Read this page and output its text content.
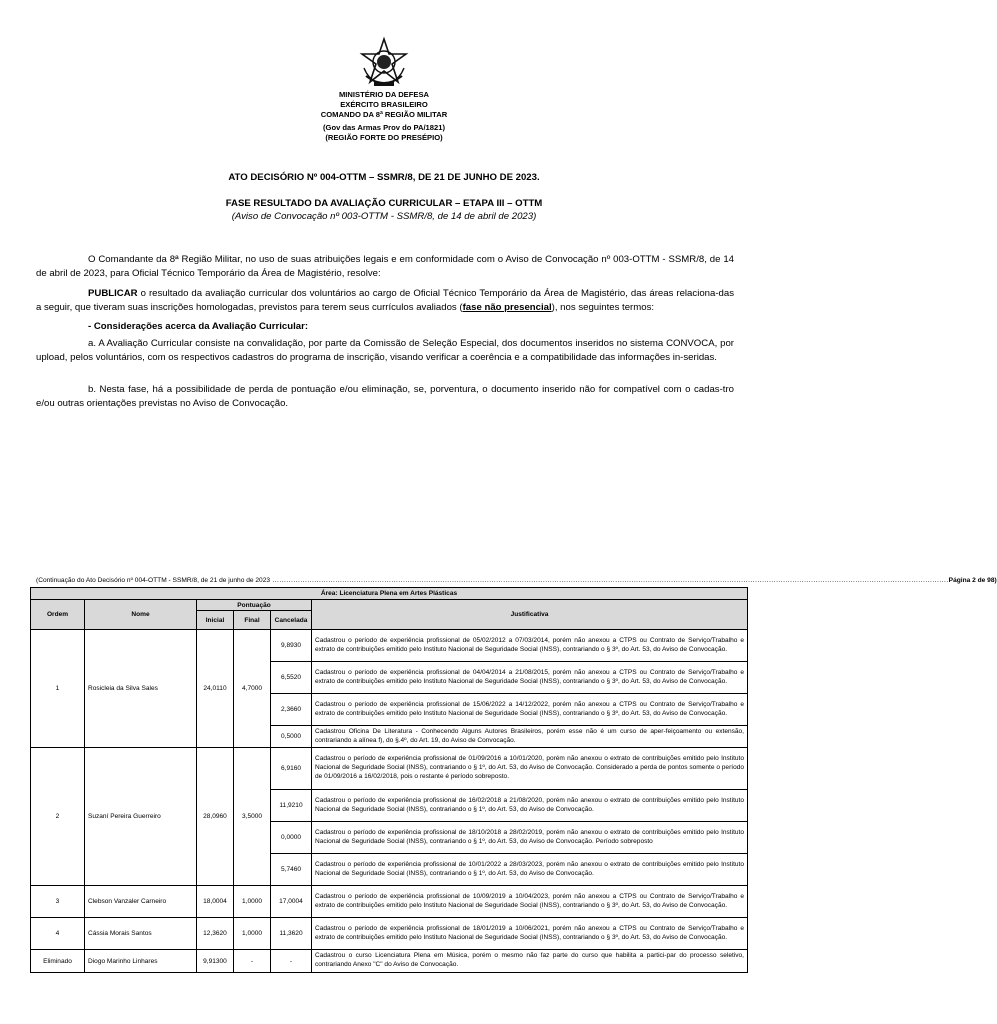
MINISTÉRIO DA DEFESA
EXÉRCITO BRASILEIRO
COMANDO DA 8ª REGIÃO MILITAR
(Gov das Armas Prov do PA/1821)
(REGIÃO FORTE DO PRESÉPIO)
ATO DECISÓRIO Nº 004-OTTM – SSMR/8, DE 21 DE JUNHO DE 2023.
FASE RESULTADO DA AVALIAÇÃO CURRICULAR – ETAPA III – OTTM
(Aviso de Convocação nº 003-OTTM - SSMR/8, de 14 de abril de 2023)
O Comandante da 8ª Região Militar, no uso de suas atribuições legais e em conformidade com o Aviso de Convocação nº 003-OTTM - SSMR/8, de 14 de abril de 2023, para Oficial Técnico Temporário da Área de Magistério, resolve:
PUBLICAR o resultado da avaliação curricular dos voluntários ao cargo de Oficial Técnico Temporário da Área de Magistério, das áreas relaciona-das a seguir, que tiveram suas inscrições homologadas, previstos para terem seus currículos avaliados (fase não presencial), nos seguintes termos:
- Considerações acerca da Avaliação Curricular:
a. A Avaliação Curricular consiste na convalidação, por parte da Comissão de Seleção Especial, dos documentos inseridos no sistema CONVOCA, por upload, pelos voluntários, com os respectivos cadastros do programa de inscrição, visando verificar a coerência e a compatibilidade das informações in-seridas.
b. Nesta fase, há a possibilidade de perda de pontuação e/ou eliminação, se, porventura, o documento inserido não for compatível com o cadas-tro e/ou outras orientações previstas no Aviso de Convocação.
(Continuação do Ato Decisório nº 004-OTTM - SSMR/8, de 21 de junho de 2023 .................................................................................................................................................................................................................................................................................................. Página 2 de 98)
Área: Licenciatura Plena em Artes Plásticas					
Ordem	Nome	Pontuação			Justificativa
		Inicial	Final	Cancelada	
1	Rosicleia da Silva Sales	24,0110	4,7000	9,8930	Cadastrou o período de experiência profissional de 05/02/2012 a 07/03/2014, porém não anexou a CTPS ou Contrato de Serviço/Trabalho e extrato de contribuições emitido pelo Instituto Nacional de Seguridade Social (INSS), contrariando o § 3º, do Art. 53, do Aviso de Convocação.
				6,5520	Cadastrou o período de experiência profissional de 04/04/2014 a 21/08/2015, porém não anexou a CTPS ou Contrato de Serviço/Trabalho e extrato de contribuições emitido pelo Instituto Nacional de Seguridade Social (INSS), contrariando o § 3º, do Art. 53, do Aviso de Convocação.
				2,3660	Cadastrou o período de experiência profissional de 15/06/2022 a 14/12/2022, porém não anexou a CTPS ou Contrato de Serviço/Trabalho e extrato de contribuições emitido pelo Instituto Nacional de Seguridade Social (INSS), contrariando o § 3º, do Art. 53, do Aviso de Convocação.
				0,5000	Cadastrou Oficina De Literatura - Conhecendo Alguns Autores Brasileiros, porém esse não é um curso de aper-feiçoamento ou extensão, contrariando a alínea f), do §.4º, do Art. 19, do Aviso de Convocação.
2	Suzaní Pereira Guerreiro	28,0960	3,5000	6,9160	Cadastrou o período de experiência profissional de 01/09/2016 a 10/01/2020, porém não anexou o extrato de contribuições emitido pelo Instituto Nacional de Seguridade Social (INSS), contrariando o § 1º, do Art. 53, do Aviso de Convocação. Considerado a perda de pontos somente o período de 01/09/2016 a 16/02/2018, pois o restante é período sobreposto.
				11,9210	Cadastrou o período de experiência profissional de 16/02/2018 a 21/08/2020, porém não anexou o extrato de contribuições emitido pelo Instituto Nacional de Seguridade Social (INSS), contrariando o § 1º, do Art. 53, do Aviso de Convocação.
				0,0000	Cadastrou o período de experiência profissional de 18/10/2018 a 28/02/2019, porém não anexou o extrato de contribuições emitido pelo Instituto Nacional de Seguridade Social (INSS), contrariando o § 1º, do Art. 53, do Aviso de Convocação. Período sobreposto
				5,7460	Cadastrou o período de experiência profissional de 10/01/2022 a 28/03/2023, porém não anexou o extrato de contribuições emitido pelo Instituto Nacional de Seguridade Social (INSS), contrariando o § 1º, do Art. 53, do Aviso de Convocação.
3	Clebson Vanzaler Carneiro	18,0004	1,0000	17,0004	Cadastrou o período de experiência profissional de 10/09/2019 a 10/04/2023, porém não anexou a CTPS ou Contrato de Serviço/Trabalho e extrato de contribuições emitido pelo Instituto Nacional de Seguridade Social (INSS), contrariando o § 3º, do Art. 53, do Aviso de Convocação.
4	Cássia Morais Santos	12,3620	1,0000	11,3620	Cadastrou o período de experiência profissional de 18/01/2019 a 10/06/2021, porém não anexou a CTPS ou Contrato de Serviço/Trabalho e extrato de contribuições emitido pelo Instituto Nacional de Seguridade Social (INSS), contrariando o § 3º, do Art. 53, do Aviso de Convocação.
Eliminado	Diogo Marinho Linhares	9,91300	-	-	Cadastrou o curso Licenciatura Plena em Música, porém o mesmo não faz parte do curso que habilita a partici-par do processo seletivo, contrariando Anexo "C" do Aviso de Convocação.
